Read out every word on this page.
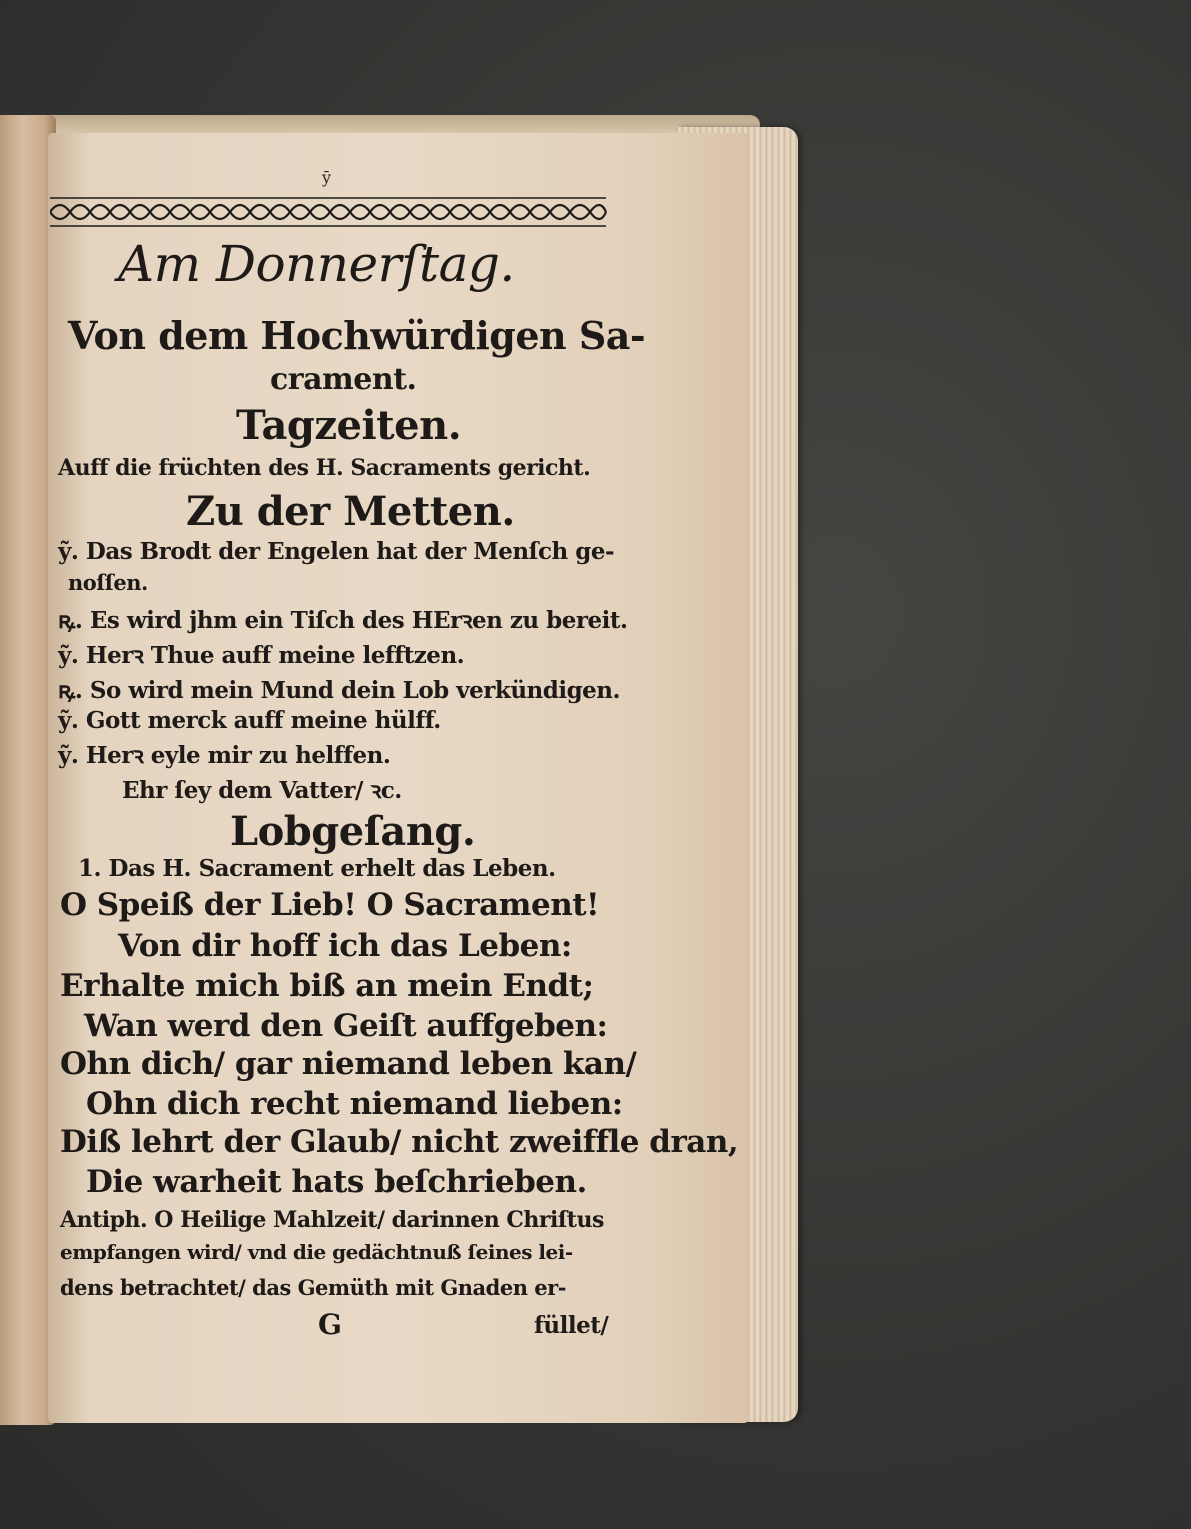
ȳ
Am Donnerſtag.
Von dem Hochwürdigen Sa-
crament.
Tagzeiten.
Auff die früchten des H. Sacraments gericht.
Zu der Metten.
ỹ. Das Brodt der Engelen hat der Menſch ge-
noſſen.
ꝶ. Es wird jhm ein Tiſch des HErꝛen zu bereit.
ỹ. Herꝛ Thue auff meine lefftzen.
ꝶ. So wird mein Mund dein Lob verkündigen.
ỹ. Gott merck auff meine hülff.
ỹ. Herꝛ eyle mir zu helffen.
Ehr ſey dem Vatter/ ꝛc.
Lobgeſang.
1. Das H. Sacrament erhelt das Leben.
O Speiß der Lieb! O Sacrament!
Von dir hoff ich das Leben:
Erhalte mich biß an mein Endt;
Wan werd den Geiſt auffgeben:
Ohn dich/ gar niemand leben kan/
Ohn dich recht niemand lieben:
Diß lehrt der Glaub/ nicht zweiffle dran,
Die warheit hats beſchrieben.
Antiph. O Heilige Mahlzeit/ darinnen Chriſtus
empfangen wird/ vnd die gedächtnuß ſeines lei-
dens betrachtet/ das Gemüth mit Gnaden er-
G	füllet/
